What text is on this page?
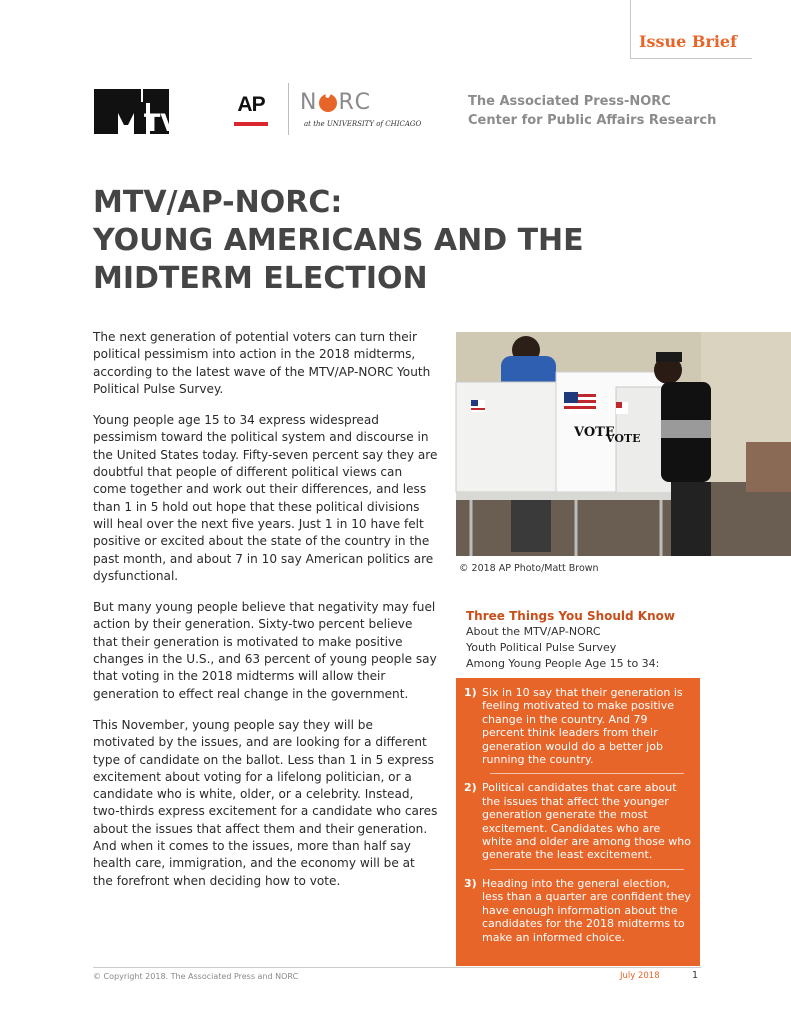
Issue Brief
TV
AP N RC
at the UNIVERSITY of CHICAGO
The Associated Press-NORC
Center for Public Affairs Research
MTV/AP-NORC:
YOUNG AMERICANS AND THE
MIDTERM ELECTION

The next generation of potential voters can turn their political pessimism into action in the 2018 midterms, according to the latest wave of the MTV/AP-NORC Youth Political Pulse Survey.

Young people age 15 to 34 express widespread pessimism toward the political system and discourse in the United States today. Fifty-seven percent say they are doubtful that people of different political views can come together and work out their differences, and less than 1 in 5 hold out hope that these political divisions will heal over the next five years. Just 1 in 10 have felt positive or excited about the state of the country in the past month, and about 7 in 10 say American politics are dysfunctional.

But many young people believe that negativity may fuel action by their generation. Sixty-two percent believe that their generation is motivated to make positive changes in the U.S., and 63 percent of young people say that voting in the 2018 midterms will allow their generation to effect real change in the government.

This November, young people say they will be motivated by the issues, and are looking for a different type of candidate on the ballot. Less than 1 in 5 express excitement about voting for a lifelong politician, or a candidate who is white, older, or a celebrity. Instead, two-thirds express excitement for a candidate who cares about the issues that affect them and their generation. And when it comes to the issues, more than half say health care, immigration, and the economy will be at the forefront when deciding how to vote.

VOTE
VOTE
© 2018 AP Photo/Matt Brown
Three Things You Should Know
About the MTV/AP-NORC
Youth Political Pulse Survey
Among Young People Age 15 to 34:
1) Six in 10 say that their generation is feeling motivated to make positive change in the country. And 79 percent think leaders from their generation would do a better job running the country.
2) Political candidates that care about the issues that affect the younger generation generate the most excitement. Candidates who are white and older are among those who generate the least excitement.
3) Heading into the general election, less than a quarter are confident they have enough information about the candidates for the 2018 midterms to make an informed choice.
© Copyright 2018. The Associated Press and NORC	July 2018	1
